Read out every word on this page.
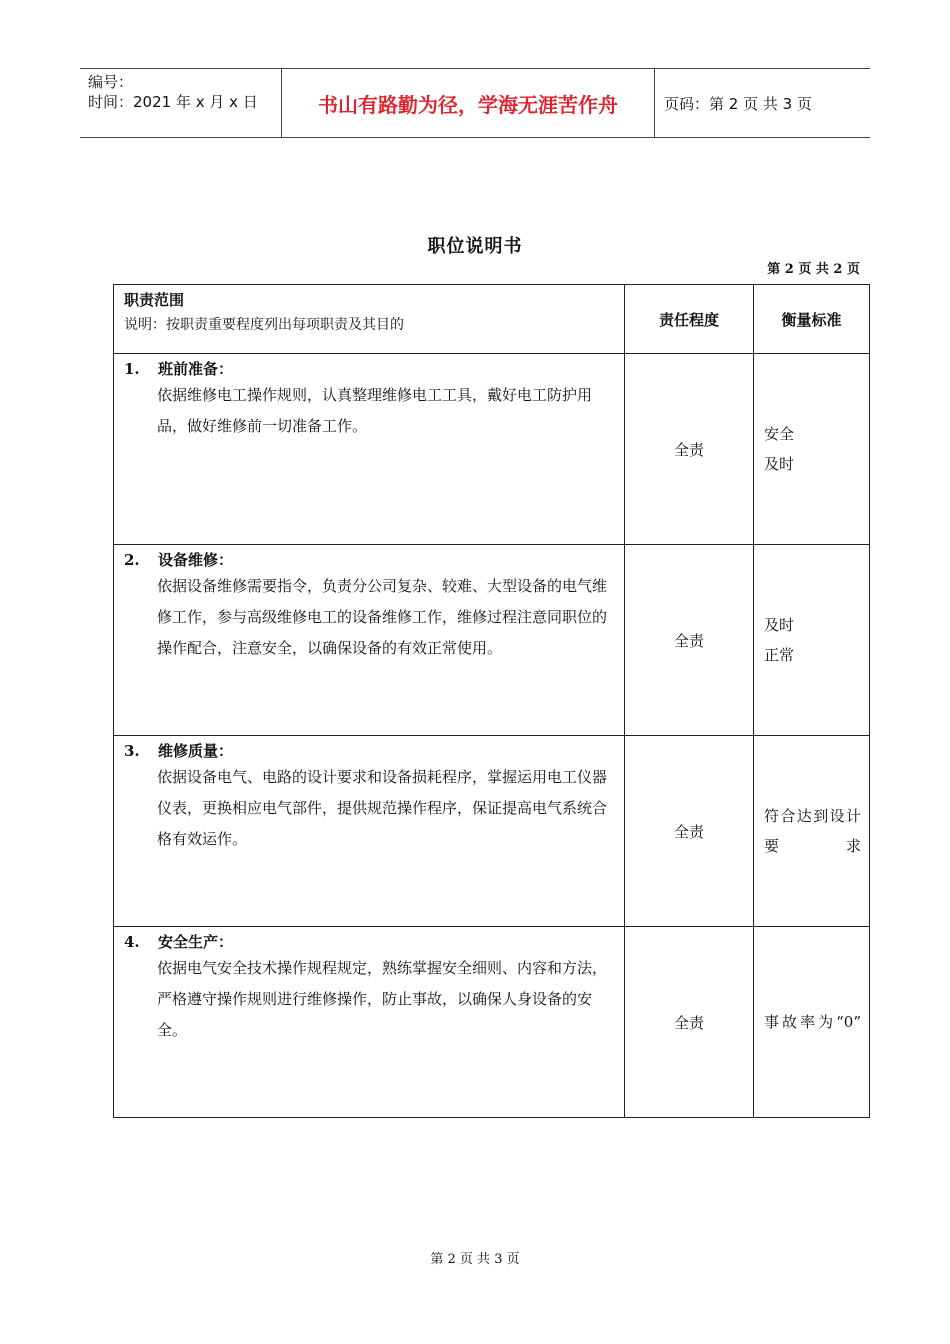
编号：
时间：2021 年 x 月 x 日	书山有路勤为径，学海无涯苦作舟	页码：第 2 页 共 3 页
职位说明书
第 2 页 共 2 页
职责范围
说明：按职责重要程度列出每项职责及其目的	责任程度	衡量标准

1. 班前准备：
依据维修电工操作规则，认真整理维修电工工具，戴好电工防护用品，做好维修前一切准备工作。	全责	安全
及时

2. 设备维修：
依据设备维修需要指令，负责分公司复杂、较难、大型设备的电气维修工作，参与高级维修电工的设备维修工作，维修过程注意同职位的操作配合，注意安全，以确保设备的有效正常使用。	全责	及时
正常

3. 维修质量：
依据设备电气、电路的设计要求和设备损耗程序，掌握运用电工仪器仪表，更换相应电气部件，提供规范操作程序，保证提高电气系统合格有效运作。	全责	符合达到设计要求

4. 安全生产：
依据电气安全技术操作规程规定，熟练掌握安全细则、内容和方法，严格遵守操作规则进行维修操作，防止事故，以确保人身设备的安全。	全责	事故率为“0”
第 2 页 共 3 页
